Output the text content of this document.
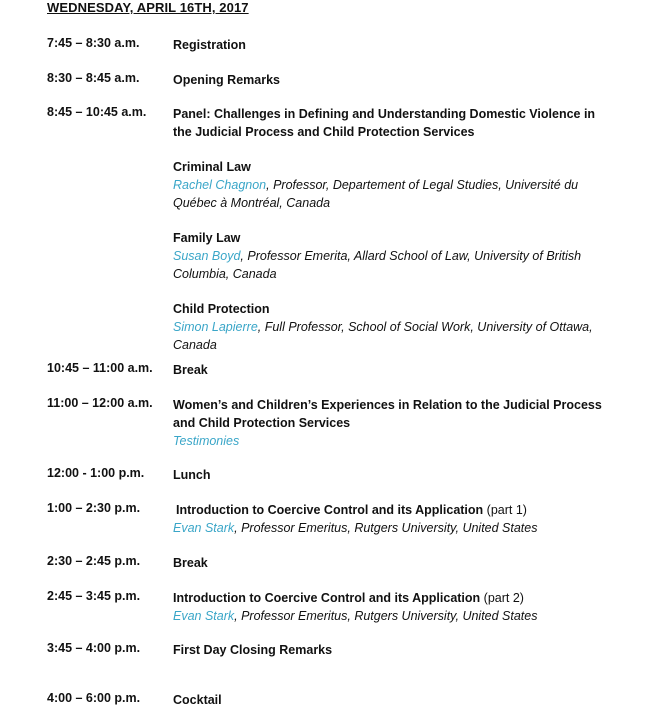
WEDNESDAY, APRIL 16TH, 2017
7:45 – 8:30 a.m.	Registration
8:30 – 8:45 a.m.	Opening Remarks
8:45 – 10:45 a.m. Panel: Challenges in Defining and Understanding Domestic Violence in the Judicial Process and Child Protection Services
Criminal Law
Rachel Chagnon, Professor, Departement of Legal Studies, Université du Québec à Montréal, Canada
Family Law
Susan Boyd, Professor Emerita, Allard School of Law, University of British Columbia, Canada
Child Protection
Simon Lapierre, Full Professor, School of Social Work, University of Ottawa, Canada
10:45 – 11:00 a.m. Break
11:00 – 12:00 a.m. Women’s and Children’s Experiences in Relation to the Judicial Process and Child Protection Services
Testimonies
12:00 - 1:00 p.m. Lunch
1:00 – 2:30 p.m.	Introduction to Coercive Control and its Application (part 1)
Evan Stark, Professor Emeritus, Rutgers University, United States
2:30 – 2:45 p.m.	Break
2:45 – 3:45 p.m.	Introduction to Coercive Control and its Application (part 2)
Evan Stark, Professor Emeritus, Rutgers University, United States
3:45 – 4:00 p.m.	First Day Closing Remarks
4:00 – 6:00 p.m.	Cocktail
